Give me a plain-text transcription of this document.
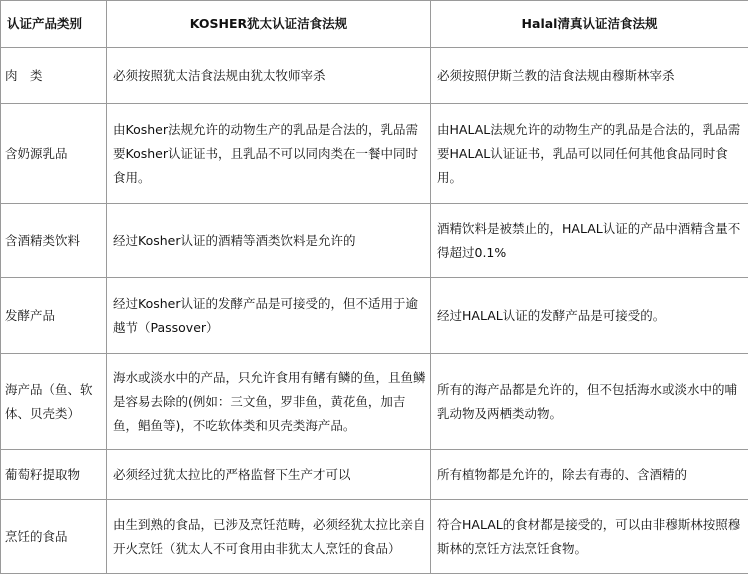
认证产品类别	KOSHER犹太认证洁食法规	Halal清真认证洁食法规
肉　类	必须按照犹太洁食法规由犹太牧师宰杀	必须按照伊斯兰教的洁食法规由穆斯林宰杀
含奶源乳品	由Kosher法规允许的动物生产的乳品是合法的，乳品需要Kosher认证证书，且乳品不可以同肉类在一餐中同时食用。	由HALAL法规允许的动物生产的乳品是合法的，乳品需要HALAL认证证书，乳品可以同任何其他食品同时食用。
含酒精类饮料	经过Kosher认证的酒精等酒类饮料是允许的	酒精饮料是被禁止的，HALAL认证的产品中酒精含量不得超过0.1%
发酵产品	经过Kosher认证的发酵产品是可接受的，但不适用于逾越节（Passover）	经过HALAL认证的发酵产品是可接受的。
海产品（鱼、软体、贝壳类）	海水或淡水中的产品，只允许食用有鳍有鳞的鱼，且鱼鳞是容易去除的(例如：三文鱼，罗非鱼，黄花鱼，加吉鱼，鲳鱼等)，不吃软体类和贝壳类海产品。	所有的海产品都是允许的，但不包括海水或淡水中的哺乳动物及两栖类动物。
葡萄籽提取物	必须经过犹太拉比的严格监督下生产才可以	所有植物都是允许的，除去有毒的、含酒精的
烹饪的食品	由生到熟的食品，已涉及烹饪范畴，必须经犹太拉比亲自开火烹饪（犹太人不可食用由非犹太人烹饪的食品）	符合HALAL的食材都是接受的，可以由非穆斯林按照穆斯林的烹饪方法烹饪食物。
